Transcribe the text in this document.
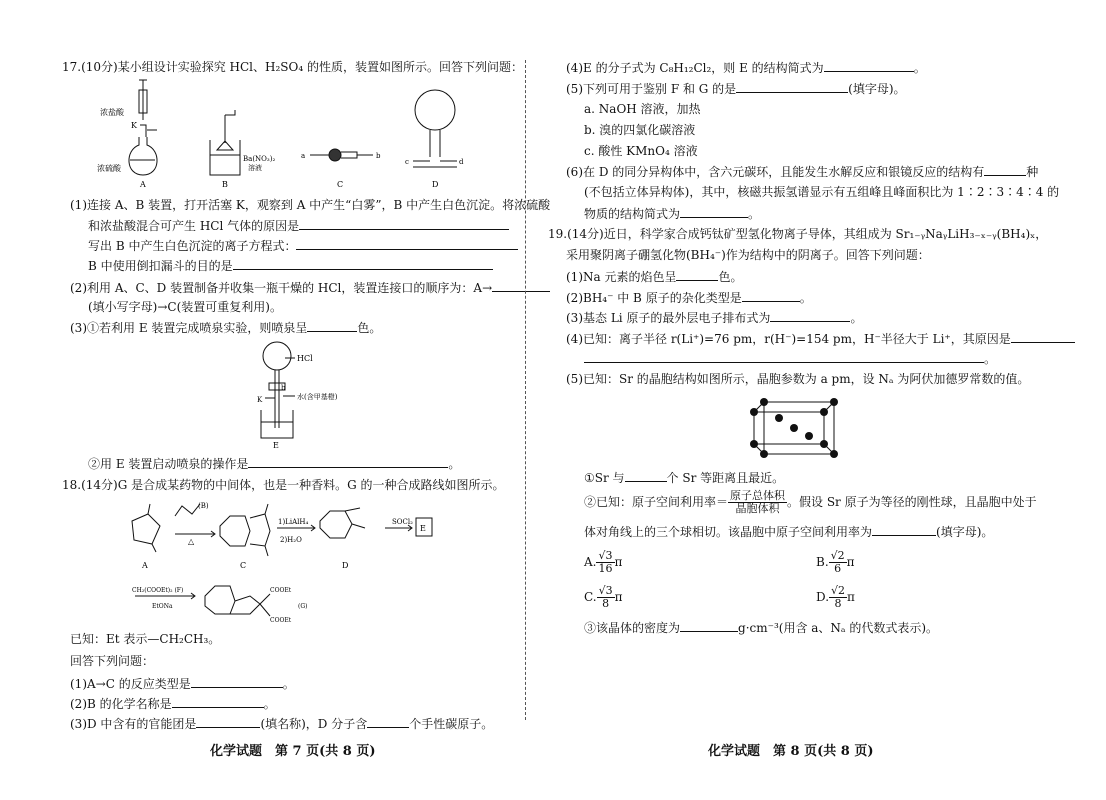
17.(10分)某小组设计实验探究 HCl、H₂SO₄ 的性质，装置如图所示。回答下列问题：
浓盐酸
K
浓硫酸
Ba(NO₃)₂
溶液
a	b
c	d
A	B	C	D
(1)连接 A、B 装置，打开活塞 K，观察到 A 中产生“白雾”，B 中产生白色沉淀。将浓硫酸
和浓盐酸混合可产生 HCl 气体的原因是
写出 B 中产生白色沉淀的离子方程式：
B 中使用倒扣漏斗的目的是
(2)利用 A、C、D 装置制备并收集一瓶干燥的 HCl，装置连接口的顺序为：A→
(填小写字母)→C(装置可重复利用)。
(3)①若利用 E 装置完成喷泉实验，则喷泉呈	色。
HCl
水(含甲基橙)
K
b
E
②用 E 装置启动喷泉的操作是	。
18.(14分)G 是合成某药物的中间体，也是一种香料。G 的一种合成路线如图所示。
(B)
△
1)LiAlH₄
2)H₂O
SOCl₂
E
A	C	D
CH₂(COOEt)₂ (F)
EtONa
COOEt
COOEt
(G)
已知：Et 表示—CH₂CH₃。
回答下列问题：
(1)A→C 的反应类型是	。
(2)B 的化学名称是	。
(3)D 中含有的官能团是	(填名称)，D 分子含	个手性碳原子。
化学试题　第 7 页(共 8 页)
(4)E 的分子式为 C₈H₁₂Cl₂，则 E 的结构简式为	。
(5)下列可用于鉴别 F 和 G 的是	(填字母)。
a. NaOH 溶液，加热
b. 溴的四氯化碳溶液
c. 酸性 KMnO₄ 溶液
(6)在 D 的同分异构体中，含六元碳环，且能发生水解反应和银镜反应的结构有	种
(不包括立体异构体)，其中，核磁共振氢谱显示有五组峰且峰面积比为 1∶2∶3∶4∶4 的
物质的结构简式为	。
19.(14分)近日，科学家合成钙钛矿型氢化物离子导体，其组成为 Sr₁₋ᵧNaᵧLiH₃₋ₓ₋ᵧ(BH₄)ₓ，
采用聚阴离子硼氢化物(BH₄⁻)作为结构中的阴离子。回答下列问题：
(1)Na 元素的焰色呈	色。
(2)BH₄⁻ 中 B 原子的杂化类型是	。
(3)基态 Li 原子的最外层电子排布式为	。
(4)已知：离子半径 r(Li⁺)=76 pm，r(H⁻)=154 pm，H⁻半径大于 Li⁺，其原因是
。
(5)已知：Sr 的晶胞结构如图所示，晶胞参数为 a pm，设 Nₐ 为阿伏加德罗常数的值。
①Sr 与	个 Sr 等距离且最近。
②已知：原子空间利用率＝ $\frac{\text{原子总体积}}{\text{晶胞体积}}$ 。假设 Sr 原子为等径的刚性球，且晶胞中处于
体对角线上的三个球相切。该晶胞中原子空间利用率为	(填字母)。
A. $\frac{√3}{16}$ π	B. $\frac{√2}{6}$ π
C. $\frac{√3}{8}$ π	D. $\frac{√2}{8}$ π
③该晶体的密度为	g·cm⁻³(用含 a、Nₐ 的代数式表示)。
化学试题　第 8 页(共 8 页)
